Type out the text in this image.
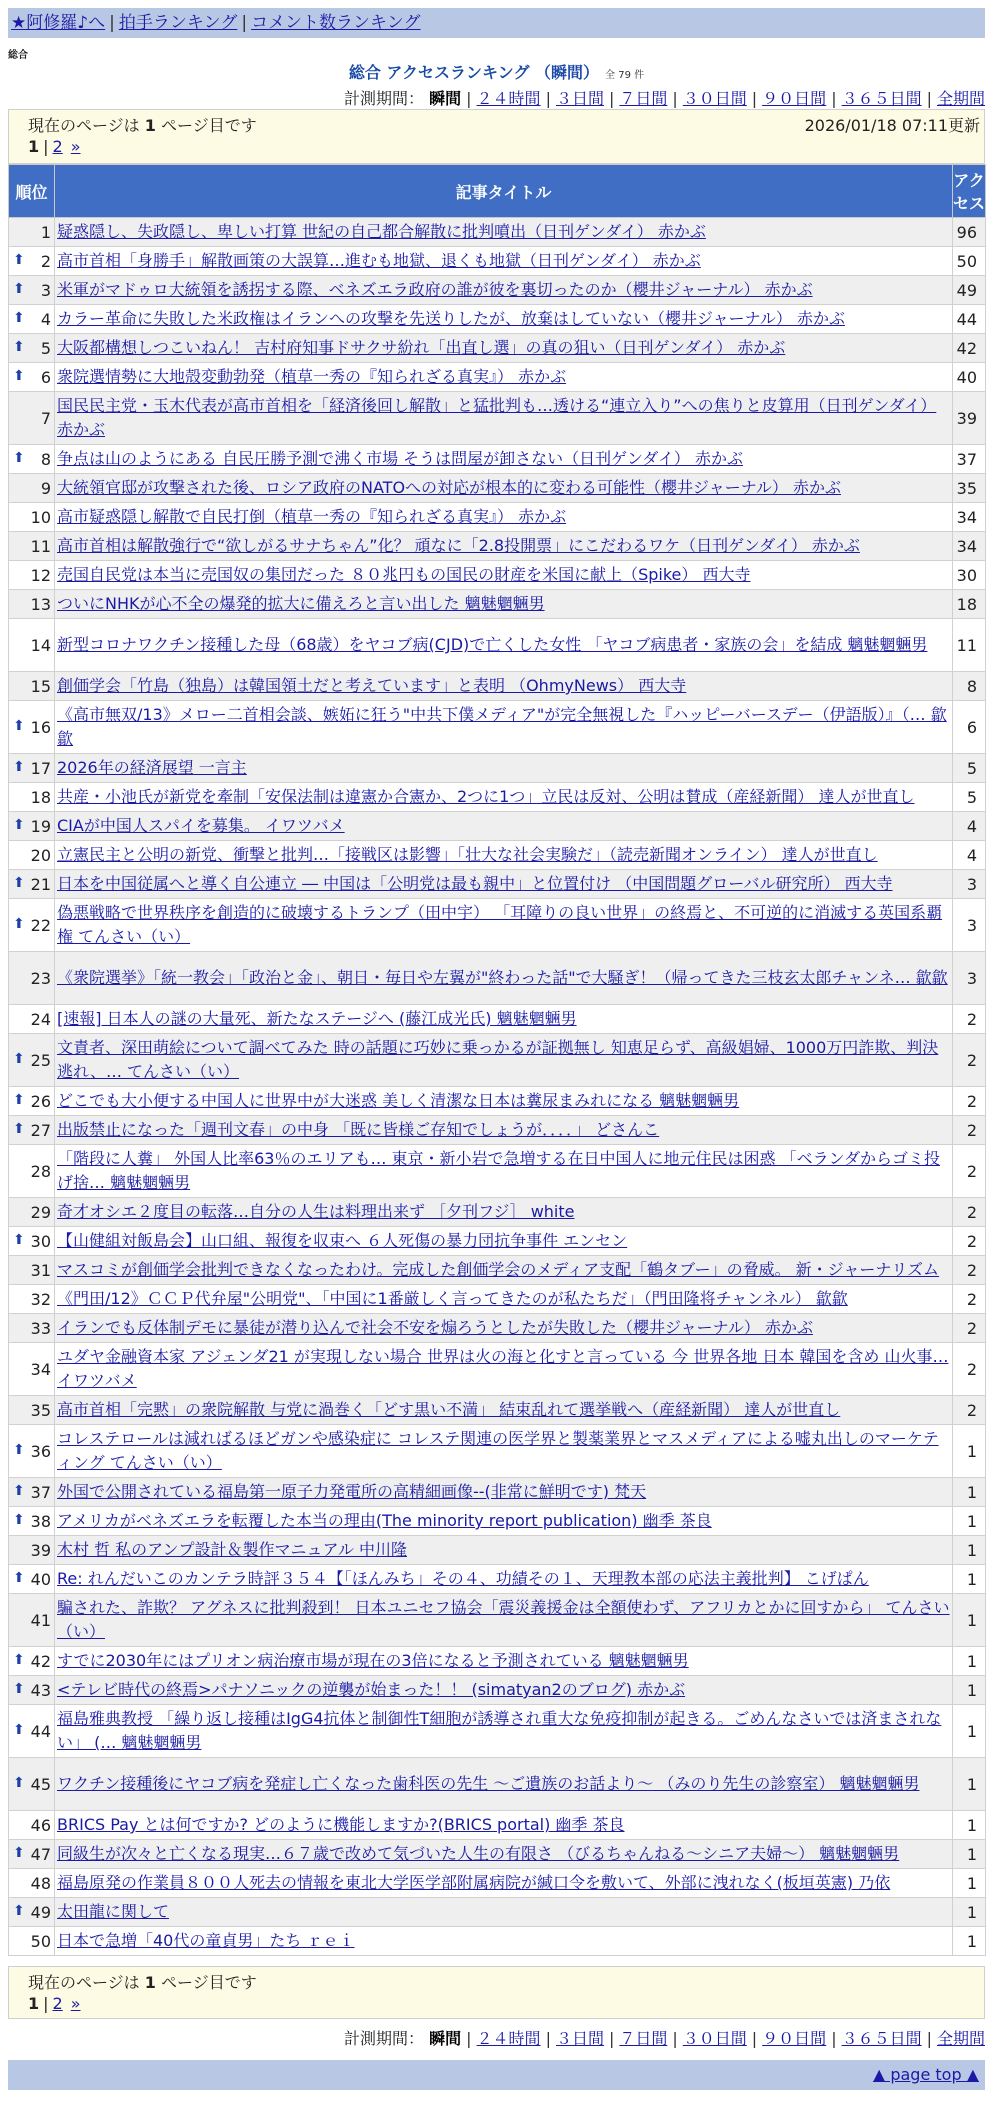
★阿修羅♪へ | 拍手ランキング | コメント数ランキング
総合
総合 アクセスランキング （瞬間） 全 79 件
計測期間： 瞬間 | ２４時間 | ３日間 | ７日間 | ３０日間 | ９０日間 | ３６５日間 | 全期間
現在のページは 1 ページ目です	2026/01/18 07:11更新
1 | 2 »
順位	記事タイトル	アクセス
1	疑惑隠し、失政隠し、卑しい打算 世紀の自己都合解散に批判噴出（日刊ゲンダイ） 赤かぶ	96

⬆ 2	高市首相「身勝手」解散画策の大誤算…進むも地獄、退くも地獄（日刊ゲンダイ） 赤かぶ	50

⬆ 3	米軍がマドゥロ大統領を誘拐する際、ベネズエラ政府の誰が彼を裏切ったのか（櫻井ジャーナル） 赤かぶ	49

⬆ 4	カラー革命に失敗した米政権はイランへの攻撃を先送りしたが、放棄はしていない（櫻井ジャーナル） 赤かぶ	44

⬆ 5	大阪都構想しつこいねん！ 吉村府知事ドサクサ紛れ「出直し選」の真の狙い（日刊ゲンダイ） 赤かぶ	42

⬆ 6	衆院選情勢に大地殻変動勃発（植草一秀の『知られざる真実』） 赤かぶ	40
7	国民民主党・玉木代表が高市首相を「経済後回し解散」と猛批判も…透ける“連立入り”への焦りと皮算用（日刊ゲンダイ） 赤かぶ	39

⬆ 8	争点は山のようにある 自民圧勝予測で沸く市場 そうは問屋が卸さない（日刊ゲンダイ） 赤かぶ	37
9	大統領官邸が攻撃された後、ロシア政府のNATOへの対応が根本的に変わる可能性（櫻井ジャーナル） 赤かぶ	35
10	高市疑惑隠し解散で自民打倒（植草一秀の『知られざる真実』） 赤かぶ	34
11	高市首相は解散強行で“欲しがるサナちゃん”化？ 頑なに「2.8投開票」にこだわるワケ（日刊ゲンダイ） 赤かぶ	34
12	売国自民党は本当に売国奴の集団だった ８０兆円もの国民の財産を米国に献上（Spike） 西大寺	30
13	ついにNHKが心不全の爆発的拡大に備えろと言い出した 魑魅魍魎男	18
14	新型コロナワクチン接種した母（68歳）をヤコブ病(CJD)で亡くした女性 「ヤコブ病患者・家族の会」を結成 魑魅魍魎男	11
15	創価学会「竹島（独島）は韓国領土だと考えています」と表明 （OhmyNews） 西大寺	8

⬆ 16	《高市無双/13》メロー二首相会談、嫉妬に狂う"中共下僕メディア"が完全無視した『ハッピーバースデー（伊語版）』（… 歙歙	6

⬆ 17	2026年の経済展望 一言主	5
18	共産・小池氏が新党を牽制「安保法制は違憲か合憲か、2つに1つ」立民は反対、公明は賛成（産経新聞） 達人が世直し	5

⬆ 19	CIAが中国人スパイを募集。 イワツバメ	4
20	立憲民主と公明の新党、衝撃と批判…「接戦区は影響」「壮大な社会実験だ」（読売新聞オンライン） 達人が世直し	4

⬆ 21	日本を中国従属へと導く自公連立 ― 中国は「公明党は最も親中」と位置付け （中国問題グローバル研究所） 西大寺	3

⬆ 22	偽悪戦略で世界秩序を創造的に破壊するトランプ（田中宇） 「耳障りの良い世界」の終焉と、不可逆的に消滅する英国系覇権 てんさい（い）	3
23	《衆院選挙》「統一教会」「政治と金」、朝日・毎日や左翼が"終わった話"で大騒ぎ！（帰ってきた三枝玄太郎チャンネ… 歙歙	3
24	[速報] 日本人の謎の大量死、新たなステージへ (藤江成光氏) 魑魅魍魎男	2

⬆ 25	文責者、深田萌絵について調べてみた 時の話題に巧妙に乗っかるが証拠無し 知恵足らず、高級娼婦、1000万円詐欺、判決逃れ、… てんさい（い）	2

⬆ 26	どこでも大小便する中国人に世界中が大迷惑 美しく清潔な日本は糞尿まみれになる 魑魅魍魎男	2

⬆ 27	出版禁止になった「週刊文春」の中身 「既に皆様ご存知でしょうが．．．．」 どさんこ	2
28	「階段に人糞」 外国人比率63％のエリアも… 東京・新小岩で急増する在日中国人に地元住民は困惑 「ベランダからゴミ投げ捨… 魑魅魍魎男	2
29	奇才オシエ２度目の転落…自分の人生は料理出来ず ［夕刊フジ］ white	2

⬆ 30	【山健組対飯島会】山口組、報復を収束へ ６人死傷の暴力団抗争事件 エンセン	2
31	マスコミが創価学会批判できなくなったわけ。完成した創価学会のメディア支配「鶴タブー」の脅威。 新・ジャーナリズム	2
32	《門田/12》ＣＣＰ代弁屋"公明党"、「中国に1番厳しく言ってきたのが私たちだ」（門田隆将チャンネル） 歙歙	2
33	イランでも反体制デモに暴徒が潜り込んで社会不安を煽ろうとしたが失敗した（櫻井ジャーナル） 赤かぶ	2
34	ユダヤ金融資本家 アジェンダ21 が実現しない場合 世界は火の海と化すと言っている 今 世界各地 日本 韓国を含め 山火事… イワツバメ	2
35	高市首相「完黙」の衆院解散 与党に渦巻く「どす黒い不満」 結束乱れて選挙戦へ（産経新聞） 達人が世直し	2

⬆ 36	コレステロールは減ればるほどガンや感染症に コレステ関連の医学界と製薬業界とマスメディアによる嘘丸出しのマーケティング てんさい（い）	1

⬆ 37	外国で公開されている福島第一原子力発電所の高精細画像--(非常に鮮明です) 梵天	1

⬆ 38	アメリカがベネズエラを転覆した本当の理由(The minority report publication) 幽季 茶良	1
39	木村 哲 私のアンプ設計＆製作マニュアル 中川隆	1

⬆ 40	Re: れんだいこのカンテラ時評３５４【「ほんみち」その４、功績その１、天理教本部の応法主義批判】 こげぱん	1
41	騙された、詐欺？ アグネスに批判殺到！ 日本ユニセフ協会「震災義援金は全額使わず、アフリカとかに回すから」 てんさい（い）	1

⬆ 42	すでに2030年にはプリオン病治療市場が現在の3倍になると予測されている 魑魅魍魎男	1

⬆ 43	<テレビ時代の終焉>パナソニックの逆襲が始まった！！ (simatyan2のブログ) 赤かぶ	1

⬆ 44	福島雅典教授 「繰り返し接種はIgG4抗体と制御性T細胞が誘導され重大な免疫抑制が起きる。ごめんなさいでは済まされない」 (… 魑魅魍魎男	1

⬆ 45	ワクチン接種後にヤコブ病を発症し亡くなった歯科医の先生 ～ご遺族のお話より～ （みのり先生の診察室） 魑魅魍魎男	1
46	BRICS Pay とは何ですか? どのように機能しますか?(BRICS portal) 幽季 茶良	1

⬆ 47	同級生が次々と亡くなる現実…６７歳で改めて気づいた人生の有限さ （びるちゃんねる～シニア夫婦～） 魑魅魍魎男	1
48	福島原発の作業員８００人死去の情報を東北大学医学部附属病院が緘口令を敷いて、外部に洩れなく(板垣英憲) 乃依	1

⬆ 49	太田龍に関して	1
50	日本で急増「40代の童貞男」たち ｒｅｉ	1
現在のページは 1 ページ目です
1 | 2 »
計測期間： 瞬間 | ２４時間 | ３日間 | ７日間 | ３０日間 | ９０日間 | ３６５日間 | 全期間
▲ page top ▲
